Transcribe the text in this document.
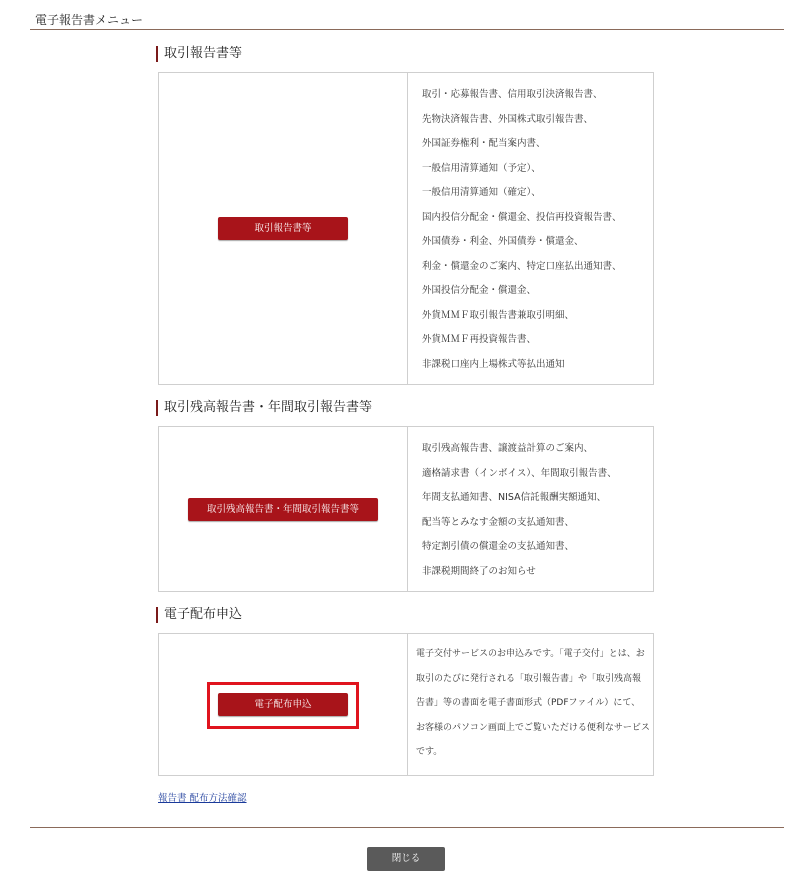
電子報告書メニュー
取引報告書等
取引報告書等
取引・応募報告書、信用取引決済報告書、
先物決済報告書、外国株式取引報告書、
外国証券権利・配当案内書、
一般信用清算通知（予定）、
一般信用清算通知（確定）、
国内投信分配金・償還金、投信再投資報告書、
外国債券・利金、外国債券・償還金、
利金・償還金のご案内、特定口座払出通知書、
外国投信分配金・償還金、
外貨ＭＭＦ取引報告書兼取引明細、
外貨ＭＭＦ再投資報告書、
非課税口座内上場株式等払出通知
取引残高報告書・年間取引報告書等
取引残高報告書・年間取引報告書等
取引残高報告書、譲渡益計算のご案内、
適格請求書（インボイス）、年間取引報告書、
年間支払通知書、NISA信託報酬実額通知、
配当等とみなす金額の支払通知書、
特定割引債の償還金の支払通知書、
非課税期間終了のお知らせ
電子配布申込
電子配布申込
電子交付サービスのお申込みです。「電子交付」とは、お
取引のたびに発行される「取引報告書」や「取引残高報
告書」等の書面を電子書面形式（PDFファイル）にて、
お客様のパソコン画面上でご覧いただける便利なサービス
です。
報告書 配布方法確認
閉じる
